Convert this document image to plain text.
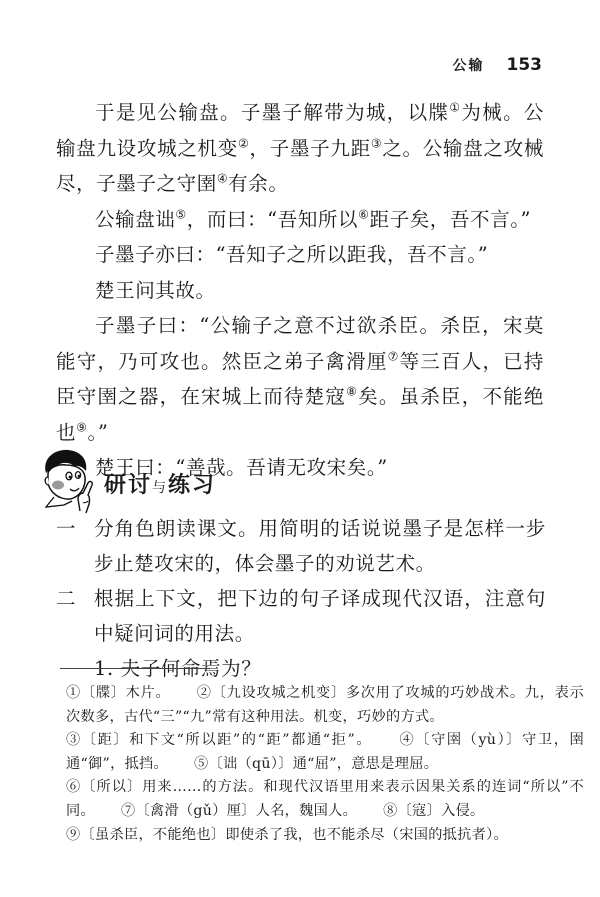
公输 153

于是见公输盘。子墨子解带为城，以牒①为械。公输盘九设攻城之机变②，子墨子九距③之。公输盘之攻械尽，子墨子之守圉④有余。

公输盘诎⑤，而曰：“吾知所以⑥距子矣，吾不言。”

子墨子亦曰：“吾知子之所以距我，吾不言。”

楚王问其故。

子墨子曰：“公输子之意不过欲杀臣。杀臣，宋莫能守，乃可攻也。然臣之弟子禽滑厘⑦等三百人，已持臣守圉之器，在宋城上而待楚寇⑧矣。虽杀臣，不能绝也⑨。”

楚王曰：“善哉。吾请无攻宋矣。”

研讨与练习
一 分角色朗读课文。用简明的话说说墨子是怎样一步步止楚攻宋的，体会墨子的劝说艺术。
二 根据上下文，把下边的句子译成现代汉语，注意句中疑问词的用法。
1. 夫子何命焉为？

①〔牒〕木片。 ②〔九设攻城之机变〕多次用了攻城的巧妙战术。九，表示次数多，古代“三”“九”常有这种用法。机变，巧妙的方式。

③〔距〕和下文“所以距”的“距”都通“拒”。 ④〔守圉（yù）〕守卫，圉通“御”，抵挡。 ⑤〔诎（qū）〕通“屈”，意思是理屈。

⑥〔所以〕用来……的方法。和现代汉语里用来表示因果关系的连词“所以”不同。 ⑦〔禽滑（gǔ）厘〕人名，魏国人。 ⑧〔寇〕入侵。

⑨〔虽杀臣，不能绝也〕即使杀了我，也不能杀尽（宋国的抵抗者）。
